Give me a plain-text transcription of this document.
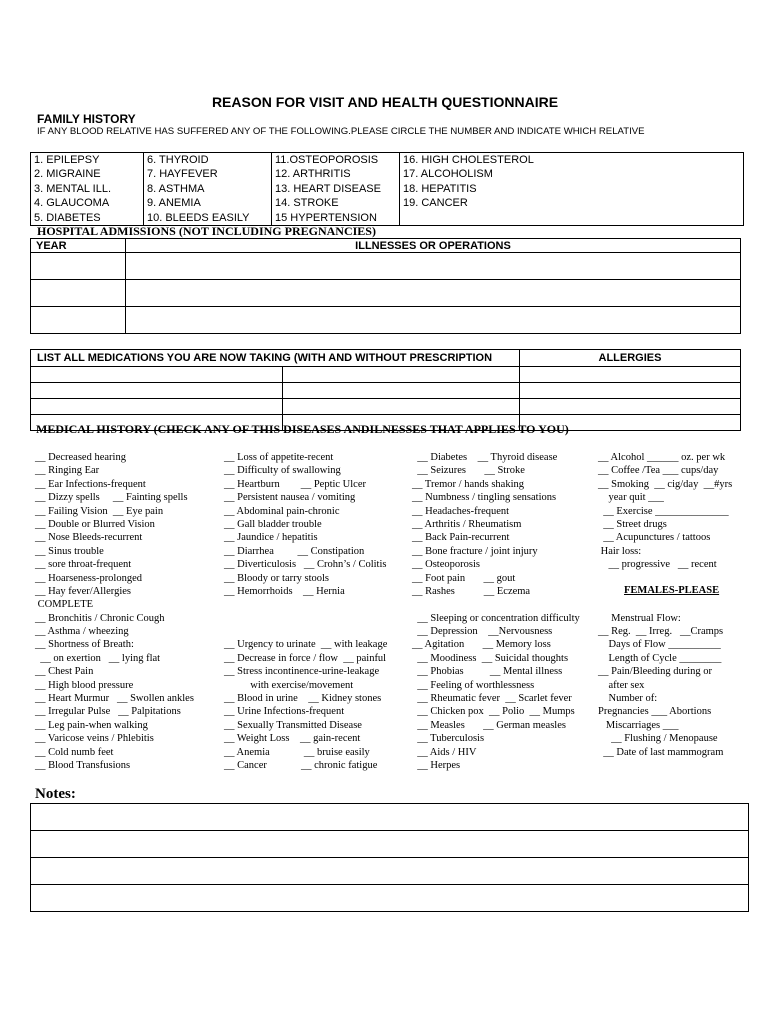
REASON FOR VISIT AND HEALTH QUESTIONNAIRE
FAMILY HISTORY
IF ANY BLOOD RELATIVE HAS SUFFERED ANY OF THE FOLLOWING.PLEASE CIRCLE THE NUMBER AND INDICATE WHICH RELATIVE
1. EPILEPSY
2. MIGRAINE
3. MENTAL ILL.
4. GLAUCOMA
5. DIABETES

6. THYROID
7. HAYFEVER
8. ASTHMA
9. ANEMIA
10. BLEEDS EASILY

11.OSTEOPOROSIS
12. ARTHRITIS
13. HEART DISEASE
14. STROKE
15 HYPERTENSION

16. HIGH CHOLESTEROL
17. ALCOHOLISM
18. HEPATITIS
19. CANCER
HOSPITAL ADMISSIONS (NOT INCLUDING PREGNANCIES)
YEAR	ILLNESSES OR OPERATIONS

LIST ALL MEDICATIONS YOU ARE NOW TAKING (WITH AND WITHOUT PRESCRIPTION		ALLERGIES

MEDICAL HISTORY (CHECK ANY OF THIS DISEASES ANDILNESSES THAT APPLIES TO YOU)
__ Decreased hearing
__ Ringing Ear
__ Ear Infections-frequent
__ Dizzy spells     __ Fainting spells
__ Failing Vision  __ Eye pain
__ Double or Blurred Vision
__ Nose Bleeds-recurrent
__ Sinus trouble
__ sore throat-frequent
__ Hoarseness-prolonged
__ Hay fever/Allergies
COMPLETE
__ Bronchitis / Chronic Cough
__ Asthma / wheezing
__ Shortness of Breath:
__ on exertion   __ lying flat
__ Chest Pain
__ High blood pressure
__ Heart Murmur   __ Swollen ankles
__ Irregular Pulse   __ Palpitations
__ Leg pain-when walking
__ Varicose veins / Phlebitis
__ Cold numb feet
__ Blood Transfusions
__ Loss of appetite-recent
__ Difficulty of swallowing
__ Heartburn        __ Peptic Ulcer
__ Persistent nausea / vomiting
__ Abdominal pain-chronic
__ Gall bladder trouble
__ Jaundice / hepatitis
__ Diarrhea         __ Constipation
__ Diverticulosis   __ Crohn’s / Colitis
__ Bloody or tarry stools
__ Hemorrhoids    __ Hernia
__ Urgency to urinate  __ with leakage
__ Decrease in force / flow  __ painful
__ Stress incontinence-urine-leakage
with exercise/movement
__ Blood in urine    __ Kidney stones
__ Urine Infections-frequent
__ Sexually Transmitted Disease
__ Weight Loss    __ gain-recent
__ Anemia             __ bruise easily
__ Cancer             __ chronic fatigue
__ Diabetes    __ Thyroid disease
__ Seizures       __ Stroke
__ Tremor / hands shaking
__ Numbness / tingling sensations
__ Headaches-frequent
__ Arthritis / Rheumatism
__ Back Pain-recurrent
__ Bone fracture / joint injury
__ Osteoporosis
__ Foot pain       __ gout
__ Rashes           __ Eczema
__ Sleeping or concentration difficulty
__ Depression    __Nervousness
__ Agitation       __ Memory loss
__ Moodiness  __ Suicidal thoughts
__ Phobias          __ Mental illness
__ Feeling of worthlessness
__ Rheumatic fever  __ Scarlet fever
__ Chicken pox  __ Polio  __ Mumps
__ Measles       __ German measles
__ Tuberculosis
__ Aids / HIV
__ Herpes
__ Alcohol ______ oz. per wk
__ Coffee /Tea ___ cups/day
__ Smoking  __ cig/day  __#yrs
year quit ___
__ Exercise ______________
__ Street drugs
__ Acupunctures / tattoos
Hair loss:
__ progressive   __ recent
Menstrual Flow:
__ Reg.  __ Irreg.   __Cramps
Days of Flow __________
Length of Cycle ________
__ Pain/Bleeding during or
after sex
Number of:
Pregnancies ___ Abortions
Miscarriages ___
__ Flushing / Menopause
__ Date of last mammogram
FEMALES-PLEASE
Notes:
